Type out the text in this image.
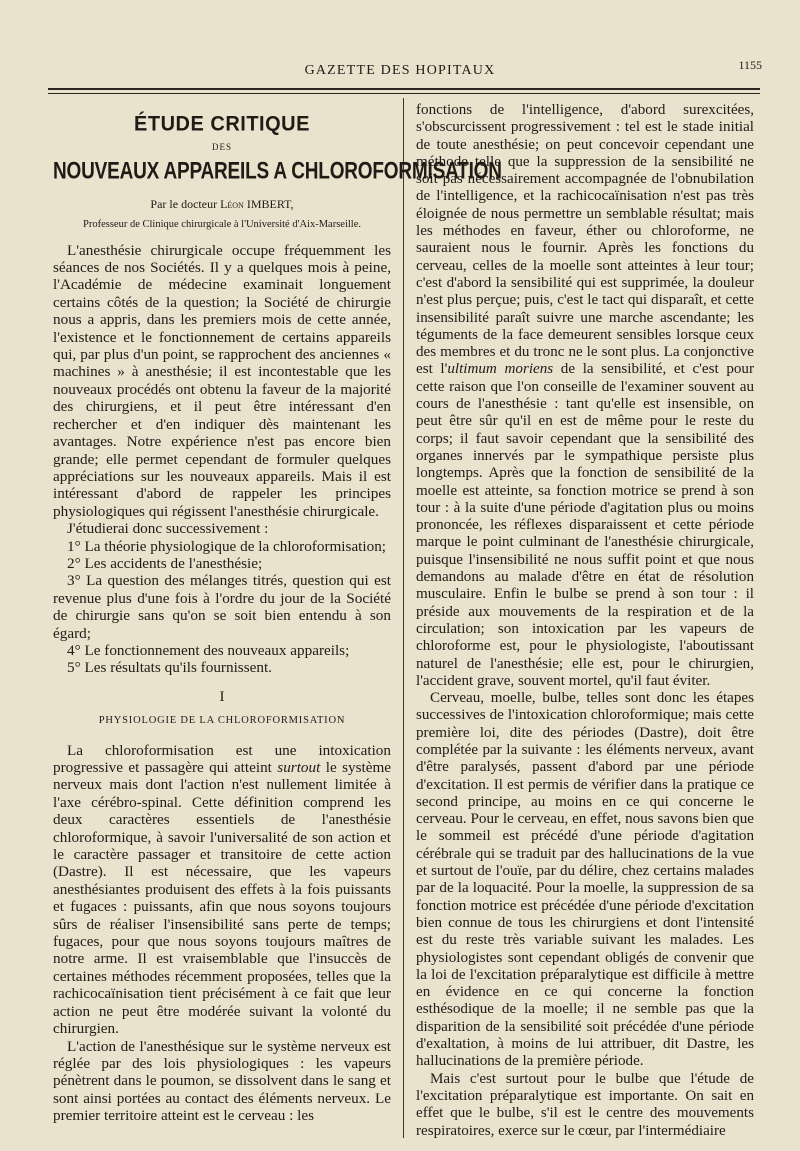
GAZETTE DES HOPITAUX	1155
ÉTUDE CRITIQUE
DES
NOUVEAUX APPAREILS A CHLOROFORMISATION
Par le docteur Léon IMBERT,
Professeur de Clinique chirurgicale à l'Université d'Aix-Marseille.

L'anesthésie chirurgicale occupe fréquemment les séances de nos Sociétés. Il y a quelques mois à peine, l'Académie de médecine examinait longuement certains côtés de la question; la Société de chirurgie nous a appris, dans les premiers mois de cette année, l'existence et le fonctionnement de certains appareils qui, par plus d'un point, se rapprochent des anciennes « machines » à anesthésie; il est incontestable que les nouveaux procédés ont obtenu la faveur de la majorité des chirurgiens, et il peut être intéressant d'en rechercher et d'en indiquer dès maintenant les avantages. Notre expérience n'est pas encore bien grande; elle permet cependant de formuler quelques appréciations sur les nouveaux appareils. Mais il est intéressant d'abord de rappeler les principes physiologiques qui régissent l'anesthésie chirurgicale.

J'étudierai donc successivement :

1° La théorie physiologique de la chloroformisation;

2° Les accidents de l'anesthésie;

3° La question des mélanges titrés, question qui est revenue plus d'une fois à l'ordre du jour de la Société de chirurgie sans qu'on se soit bien entendu à son égard;

4° Le fonctionnement des nouveaux appareils;

5° Les résultats qu'ils fournissent.

I
PHYSIOLOGIE DE LA CHLOROFORMISATION

La chloroformisation est une intoxication progressive et passagère qui atteint surtout le système nerveux mais dont l'action n'est nullement limitée à l'axe cérébro-spinal. Cette définition comprend les deux caractères essentiels de l'anesthésie chloroformique, à savoir l'universalité de son action et le caractère passager et transitoire de cette action (Dastre). Il est nécessaire, que les vapeurs anesthésiantes produisent des effets à la fois puissants et fugaces : puissants, afin que nous soyons toujours sûrs de réaliser l'insensibilité sans perte de temps; fugaces, pour que nous soyons toujours maîtres de notre arme. Il est vraisemblable que l'insuccès de certaines méthodes récemment proposées, telles que la rachicocaïnisation tient précisément à ce fait que leur action ne peut être modérée suivant la volonté du chirurgien.

L'action de l'anesthésique sur le système nerveux est réglée par des lois physiologiques : les vapeurs pénètrent dans le poumon, se dissolvent dans le sang et sont ainsi portées au contact des éléments nerveux. Le premier territoire atteint est le cerveau : les

fonctions de l'intelligence, d'abord surexcitées, s'obscurcissent progressivement : tel est le stade initial de toute anesthésie; on peut concevoir cependant une méthode telle que la suppression de la sensibilité ne soit pas nécessairement accompagnée de l'obnubilation de l'intelligence, et la rachicocaïnisation n'est pas très éloignée de nous permettre un semblable résultat; mais les méthodes en faveur, éther ou chloroforme, ne sauraient nous le fournir. Après les fonctions du cerveau, celles de la moelle sont atteintes à leur tour; c'est d'abord la sensibilité qui est supprimée, la douleur n'est plus perçue; puis, c'est le tact qui disparaît, et cette insensibilité paraît suivre une marche ascendante; les téguments de la face demeurent sensibles lorsque ceux des membres et du tronc ne le sont plus. La conjonctive est l'ultimum moriens de la sensibilité, et c'est pour cette raison que l'on conseille de l'examiner souvent au cours de l'anesthésie : tant qu'elle est insensible, on peut être sûr qu'il en est de même pour le reste du corps; il faut savoir cependant que la sensibilité des organes innervés par le sympathique persiste plus longtemps. Après que la fonction de sensibilité de la moelle est atteinte, sa fonction motrice se prend à son tour : à la suite d'une période d'agitation plus ou moins prononcée, les réflexes disparaissent et cette période marque le point culminant de l'anesthésie chirurgicale, puisque l'insensibilité ne nous suffit point et que nous demandons au malade d'être en état de résolution musculaire. Enfin le bulbe se prend à son tour : il préside aux mouvements de la respiration et de la circulation; son intoxication par les vapeurs de chloroforme est, pour le physiologiste, l'aboutissant naturel de l'anesthésie; elle est, pour le chirurgien, l'accident grave, souvent mortel, qu'il faut éviter.

Cerveau, moelle, bulbe, telles sont donc les étapes successives de l'intoxication chloroformique; mais cette première loi, dite des périodes (Dastre), doit être complétée par la suivante : les éléments nerveux, avant d'être paralysés, passent d'abord par une période d'excitation. Il est permis de vérifier dans la pratique ce second principe, au moins en ce qui concerne le cerveau. Pour le cerveau, en effet, nous savons bien que le sommeil est précédé d'une période d'agitation cérébrale qui se traduit par des hallucinations de la vue et surtout de l'ouïe, par du délire, chez certains malades par de la loquacité. Pour la moelle, la suppression de sa fonction motrice est précédée d'une période d'excitation bien connue de tous les chirurgiens et dont l'intensité est du reste très variable suivant les malades. Les physiologistes sont cependant obligés de convenir que la loi de l'excitation préparalytique est difficile à mettre en évidence en ce qui concerne la fonction esthésodique de la moelle; il ne semble pas que la disparition de la sensibilité soit précédée d'une période d'exaltation, à moins de lui attribuer, dit Dastre, les hallucinations de la première période.

Mais c'est surtout pour le bulbe que l'étude de l'excitation préparalytique est importante. On sait en effet que le bulbe, s'il est le centre des mouvements respiratoires, exerce sur le cœur, par l'intermédiaire
